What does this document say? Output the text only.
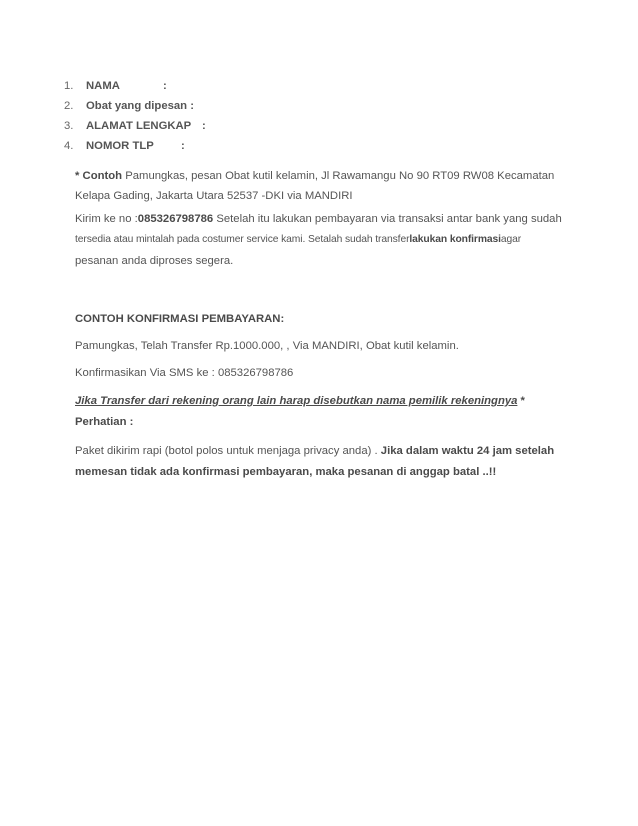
1. NAMA	:
2. Obat yang dipesan :
3. ALAMAT LENGKAP :
4. NOMOR TLP :
* Contoh Pamungkas, pesan Obat kutil kelamin, Jl Rawamangu No 90 RT09 RW08 Kecamatan
Kelapa Gading, Jakarta Utara 52537 -DKI via MANDIRI
Kirim ke no :085326798786 Setelah itu lakukan pembayaran via transaksi antar bank yang sudah
tersedia atau mintalah pada costumer service kami. Setalah sudah transferlakukan konfirmasiagar
pesanan anda diproses segera.
CONTOH KONFIRMASI PEMBAYARAN:
Pamungkas, Telah Transfer Rp.1000.000, , Via MANDIRI, Obat kutil kelamin.
Konfirmasikan Via SMS ke : 085326798786
Jika Transfer dari rekening orang lain harap disebutkan nama pemilik rekeningnya *
Perhatian :
Paket dikirim rapi (botol polos untuk menjaga privacy anda) . Jika dalam waktu 24 jam setelah
memesan tidak ada konfirmasi pembayaran, maka pesanan di anggap batal ..!!
